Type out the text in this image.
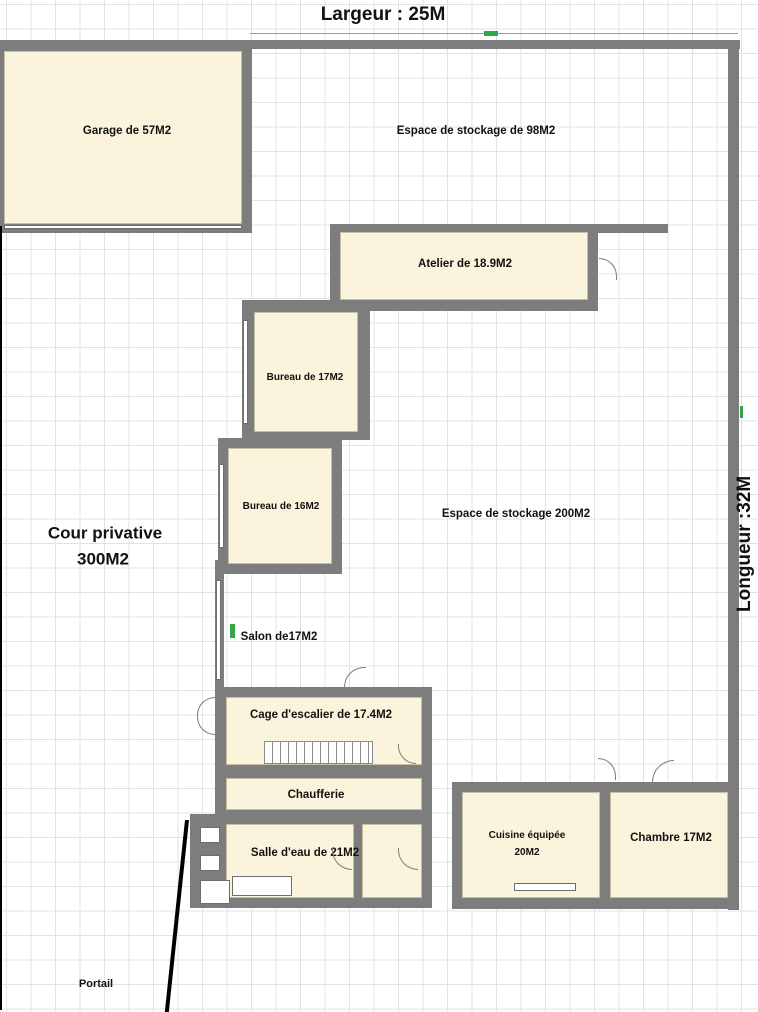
Largeur : 25M
Longueur :32M
Garage de 57M2	Espace de stockage de 98M2
Atelier de 18.9M2
Bureau de 17M2
Bureau de 16M2
Espace de stockage 200M2
Salon de17M2
Cage d'escalier de 17.4M2
Chaufferie
Salle d'eau de 21M2
Cuisine équipée
20M2
Chambre 17M2
Cour privative
300M2
Portail
